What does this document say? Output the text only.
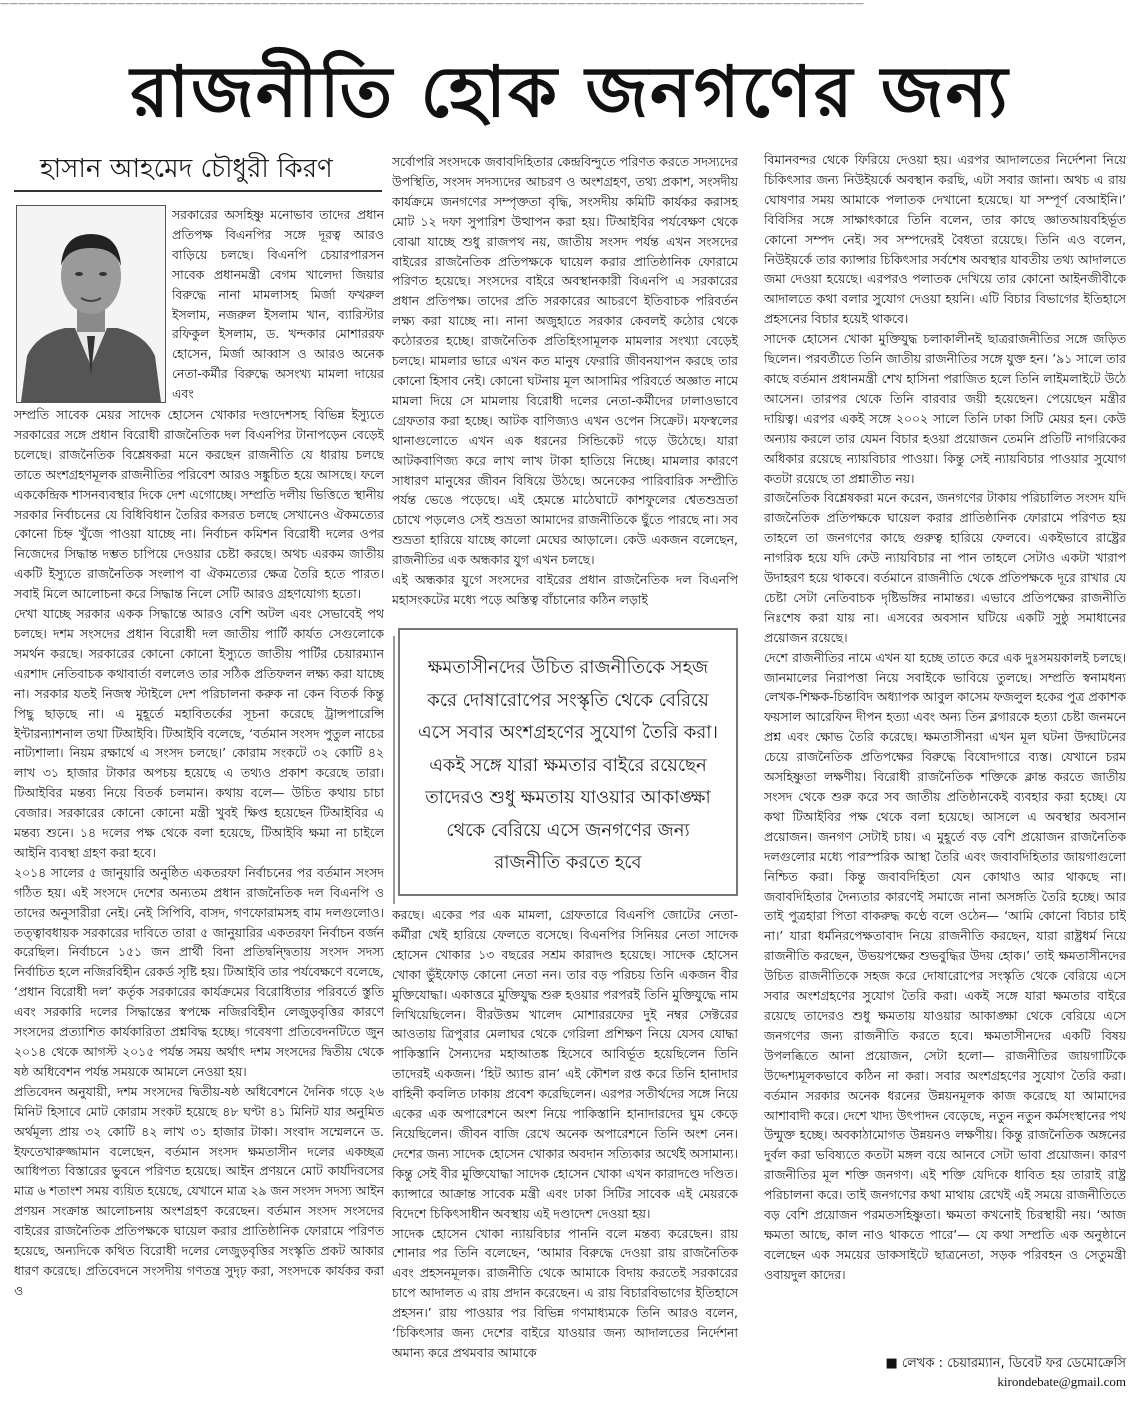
————————————————————————————————————————————————————————————————————————————————————————————————
রাজনীতি হোক জনগণের জন্য
হাসান আহমেদ চৌধুরী কিরণ

সরকারের অসহিষ্ণু মনোভাব তাদের প্রধান প্রতিপক্ষ বিএনপির সঙ্গে দূরত্ব আরও বাড়িয়ে চলছে। বিএনপি চেয়ারপারসন সাবেক প্রধানমন্ত্রী বেগম খালেদা জিয়ার বিরুদ্ধে নানা মামলাসহ মির্জা ফখরুল ইসলাম, নজরুল ইসলাম খান, ব্যারিস্টার রফিকুল ইসলাম, ড. খন্দকার মোশাররফ হোসেন, মির্জা আব্বাস ও আরও অনেক নেতা-কর্মীর বিরুদ্ধে অসংখ্য মামলা দায়ের এবং

সম্প্রতি সাবেক মেয়র সাদেক হোসেন খোকার দণ্ডাদেশসহ বিভিন্ন ইস্যুতে সরকারের সঙ্গে প্রধান বিরোধী রাজনৈতিক দল বিএনপির টানাপড়েন বেড়েই চলেছে। রাজনৈতিক বিশ্লেষকরা মনে করছেন রাজনীতি যে ধারায় চলছে তাতে অংশগ্রহণমূলক রাজনীতির পরিবেশ আরও সঙ্কুচিত হয়ে আসছে। ফলে এককেন্দ্রিক শাসনব্যবস্থার দিকে দেশ এগোচ্ছে। সম্প্রতি দলীয় ভিত্তিতে স্থানীয় সরকার নির্বাচনের যে বিধিবিধান তৈরির কসরত চলছে সেখানেও ঐকমত্যের কোনো চিহ্ন খুঁজে পাওয়া যাচ্ছে না। নির্বাচন কমিশন বিরোধী দলের ওপর নিজেদের সিদ্ধান্ত দম্ভত চাপিয়ে দেওয়ার চেষ্টা করছে। অথচ এরকম জাতীয় একটি ইস্যুতে রাজনৈতিক সংলাপ বা ঐকমত্যের ক্ষেত্র তৈরি হতে পারত। সবাই মিলে আলোচনা করে সিদ্ধান্ত নিলে সেটি আরও গ্রহণযোগ্য হতো।

দেখা যাচ্ছে সরকার একক সিদ্ধান্তে আরও বেশি অটল এবং সেভাবেই পথ চলছে। দশম সংসদের প্রধান বিরোধী দল জাতীয় পার্টি কার্যত সেগুলোকে সমর্থন করছে। সরকারের কোনো কোনো ইস্যুতে জাতীয় পার্টির চেয়ারম্যান এরশাদ নেতিবাচক কথাবার্তা বললেও তার সঠিক প্রতিফলন লক্ষ্য করা যাচ্ছে না। সরকার যতই নিজস্ব স্টাইলে দেশ পরিচালনা করুক না কেন বিতর্ক কিন্তু পিছু ছাড়ছে না। এ মুহূর্তে মহাবিতর্কের সূচনা করেছে ট্রান্সপারেন্সি ইন্টারন্যাশনাল তথা টিআইবি। টিআইবি বলেছে, ‘বর্তমান সংসদ পুতুল নাচের নাট্যশালা। নিয়ম রক্ষার্থে এ সংসদ চলছে।’ কোরাম সংকটে ৩২ কোটি ৪২ লাখ ৩১ হাজার টাকার অপচয় হয়েছে এ তথ্যও প্রকাশ করেছে তারা। টিআইবির মন্তব্য নিয়ে বিতর্ক চলমান। কথায় বলে— উচিত কথায় চাচা বেজার। সরকারের কোনো কোনো মন্ত্রী খুবই ক্ষিপ্ত হয়েছেন টিআইবির এ মন্তব্য শুনে। ১৪ দলের পক্ষ থেকে বলা হয়েছে, টিআইবি ক্ষমা না চাইলে আইনি ব্যবস্থা গ্রহণ করা হবে।

২০১৪ সালের ৫ জানুয়ারি অনুষ্ঠিত একতরফা নির্বাচনের পর বর্তমান সংসদ গঠিত হয়। এই সংসদে দেশের অন্যতম প্রধান রাজনৈতিক দল বিএনপি ও তাদের অনুসারীরা নেই। নেই সিপিবি, বাসদ, গণফোরামসহ বাম দলগুলোও। তত্ত্বাবধায়ক সরকারের দাবিতে তারা ৫ জানুয়ারির একতরফা নির্বাচন বর্জন করেছিল। নির্বাচনে ১৫১ জন প্রার্থী বিনা প্রতিদ্বন্দ্বিতায় সংসদ সদস্য নির্বাচিত হলে নজিরবিহীন রেকর্ড সৃষ্টি হয়। টিআইবি তার পর্যবেক্ষণে বলেছে, ‘প্রধান বিরোধী দল’ কর্তৃক সরকারের কার্যক্রমের বিরোধিতার পরিবর্তে স্তুতি এবং সরকারি দলের সিদ্ধান্তের স্বপক্ষে নজিরবিহীন লেজুড়বৃত্তির কারণে সংসদের প্রত্যাশিত কার্যকারিতা প্রশ্নবিদ্ধ হচ্ছে। গবেষণা প্রতিবেদনটিতে জুন ২০১৪ থেকে আগস্ট ২০১৫ পর্যন্ত সময় অর্থাৎ দশম সংসদের দ্বিতীয় থেকে ষষ্ঠ অধিবেশন পর্যন্ত সময়কে আমলে নেওয়া হয়।

প্রতিবেদন অনুযায়ী, দশম সংসদের দ্বিতীয়-ষষ্ঠ অধিবেশনে দৈনিক গড়ে ২৬ মিনিট হিসাবে মোট কোরাম সংকট হয়েছে ৪৮ ঘণ্টা ৪১ মিনিট যার অনুমিত অর্থমূল্য প্রায় ৩২ কোটি ৪২ লাখ ৩১ হাজার টাকা। সংবাদ সম্মেলনে ড. ইফতেখারুজ্জামান বলেছেন, বর্তমান সংসদ ক্ষমতাসীন দলের একচ্ছত্র আধিপত্য বিস্তারের ভুবনে পরিণত হয়েছে। আইন প্রণয়নে মোট কার্যদিবসের মাত্র ৬ শতাংশ সময় ব্যয়িত হয়েছে, যেখানে মাত্র ২৯ জন সংসদ সদস্য আইন প্রণয়ন সংক্রান্ত আলোচনায় অংশগ্রহণ করেছেন। বর্তমান সংসদ সংসদের বাইরের রাজনৈতিক প্রতিপক্ষকে ঘায়েল করার প্রাতিষ্ঠানিক ফোরামে পরিণত হয়েছে, অন্যদিকে কথিত বিরোধী দলের লেজুড়বৃত্তির সংস্কৃতি প্রকট আকার ধারণ করেছে। প্রতিবেদনে সংসদীয় গণতন্ত্র সুদৃঢ় করা, সংসদকে কার্যকর করা ও

সর্বোপরি সংসদকে জবাবদিহিতার কেন্দ্রবিন্দুতে পরিণত করতে সদস্যদের উপস্থিতি, সংসদ সদস্যদের আচরণ ও অংশগ্রহণ, তথ্য প্রকাশ, সংসদীয় কার্যক্রমে জনগণের সম্পৃক্ততা বৃদ্ধি, সংসদীয় কমিটি কার্যকর করাসহ মোট ১২ দফা সুপারিশ উত্থাপন করা হয়। টিআইবির পর্যবেক্ষণ থেকে বোঝা যাচ্ছে শুধু রাজপথ নয়, জাতীয় সংসদ পর্যন্ত এখন সংসদের বাইরের রাজনৈতিক প্রতিপক্ষকে ঘায়েল করার প্রাতিষ্ঠানিক ফোরামে পরিণত হয়েছে। সংসদের বাইরে অবস্থানকারী বিএনপি এ সরকারের প্রধান প্রতিপক্ষ। তাদের প্রতি সরকারের আচরণে ইতিবাচক পরিবর্তন লক্ষ্য করা যাচ্ছে না। নানা অজুহাতে সরকার কেবলই কঠোর থেকে কঠোরতর হচ্ছে। রাজনৈতিক প্রতিহিংসামূলক মামলার সংখ্যা বেড়েই চলছে। মামলার ভারে এখন কত মানুষ ফেরারি জীবনযাপন করছে তার কোনো হিসাব নেই। কোনো ঘটনায় মূল আসামির পরিবর্তে অজ্ঞাত নামে মামলা দিয়ে সে মামলায় বিরোধী দলের নেতা-কর্মীদের ঢালাওভাবে গ্রেফতার করা হচ্ছে। আটক বাণিজ্যও এখন ওপেন সিক্রেট। মফস্বলের থানাগুলোতে এখন এক ধরনের সিন্ডিকেট গড়ে উঠেছে। যারা আটকবাণিজ্য করে লাখ লাখ টাকা হাতিয়ে নিচ্ছে। মামলার কারণে সাধারণ মানুষের জীবন বিষিয়ে উঠছে। অনেকের পারিবারিক সম্প্রীতি পর্যন্ত ভেঙে পড়েছে। এই হেমন্তে মাঠেঘাটে কাশফুলের শ্বেতশুভ্রতা চোখে পড়লেও সেই শুভ্রতা আমাদের রাজনীতিকে ছুঁতে পারছে না। সব শুভ্রতা হারিয়ে যাচ্ছে কালো মেঘের আড়ালে। কেউ একজন বলেছেন, রাজনীতির এক অন্ধকার যুগ এখন চলছে।

এই অন্ধকার যুগে সংসদের বাইরের প্রধান রাজনৈতিক দল বিএনপি মহাসংকটের মধ্যে পড়ে অস্তিত্ব বাঁচানোর কঠিন লড়াই

ক্ষমতাসীনদের উচিত রাজনীতিকে সহজ করে দোষারোপের সংস্কৃতি থেকে বেরিয়ে এসে সবার অংশগ্রহণের সুযোগ তৈরি করা। একই সঙ্গে যারা ক্ষমতার বাইরে রয়েছেন তাদেরও শুধু ক্ষমতায় যাওয়ার আকাঙ্ক্ষা থেকে বেরিয়ে এসে জনগণের জন্য রাজনীতি করতে হবে

করছে। একের পর এক মামলা, গ্রেফতারে বিএনপি জোটের নেতা-কর্মীরা খেই হারিয়ে ফেলতে বসেছে। বিএনপির সিনিয়র নেতা সাদেক হোসেন খোকার ১৩ বছরের সশ্রম কারাদণ্ড হয়েছে। সাদেক হোসেন খোকা ভুঁইফোড় কোনো নেতা নন। তার বড় পরিচয় তিনি একজন বীর মুক্তিযোদ্ধা। একাত্তরে মুক্তিযুদ্ধ শুরু হওয়ার পরপরই তিনি মুক্তিযুদ্ধে নাম লিখিয়েছিলেন। বীরউত্তম খালেদ মোশাররফের দুই নম্বর সেক্টরের আওতায় ত্রিপুরার মেলাঘর থেকে গেরিলা প্রশিক্ষণ নিয়ে যেসব যোদ্ধা পাকিস্তানি সৈন্যদের মহাআতঙ্ক হিসেবে আবির্ভূত হয়েছিলেন তিনি তাদেরই একজন। ‘হিট অ্যান্ড রান’ এই কৌশল রপ্ত করে তিনি হানাদার বাহিনী কবলিত ঢাকায় প্রবেশ করেছিলেন। এরপর সতীর্থদের সঙ্গে নিয়ে একের এক অপারেশনে অংশ নিয়ে পাকিস্তানি হানাদারদের ঘুম কেড়ে নিয়েছিলেন। জীবন বাজি রেখে অনেক অপারেশনে তিনি অংশ নেন। দেশের জন্য সাদেক হোসেন খোকার অবদান সত্যিকার অর্থেই অসামান্য। কিন্তু সেই বীর মুক্তিযোদ্ধা সাদেক হোসেন খোকা এখন কারাদণ্ডে দণ্ডিত। ক্যান্সারে আক্রান্ত সাবেক মন্ত্রী এবং ঢাকা সিটির সাবেক এই মেয়রকে বিদেশে চিকিৎসাধীন অবস্থায় এই দণ্ডাদেশ দেওয়া হয়।

সাদেক হোসেন খোকা ন্যায়বিচার পাননি বলে মন্তব্য করেছেন। রায় শোনার পর তিনি বলেছেন, ‘আমার বিরুদ্ধে দেওয়া রায় রাজনৈতিক এবং প্রহসনমূলক। রাজনীতি থেকে আমাকে বিদায় করতেই সরকারের চাপে আদালত এ রায় প্রদান করেছেন। এ রায় বিচারবিভাগের ইতিহাসে প্রহসন।’ রায় পাওয়ার পর বিভিন্ন গণমাধ্যমকে তিনি আরও বলেন, ‘চিকিৎসার জন্য দেশের বাইরে যাওয়ার জন্য আদালতের নির্দেশনা অমান্য করে প্রথমবার আমাকে

বিমানবন্দর থেকে ফিরিয়ে দেওয়া হয়। এরপর আদালতের নির্দেশনা নিয়ে চিকিৎসার জন্য নিউইয়র্কে অবস্থান করছি, এটা সবার জানা। অথচ এ রায় ঘোষণার সময় আমাকে পলাতক দেখানো হয়েছে। যা সম্পূর্ণ বেআইনি।’ বিবিসির সঙ্গে সাক্ষাৎকারে তিনি বলেন, তার কাছে জ্ঞাতআয়বহির্ভূত কোনো সম্পদ নেই। সব সম্পদেরই বৈধতা রয়েছে। তিনি এও বলেন, নিউইয়র্কে তার ক্যান্সার চিকিৎসার সর্বশেষ অবস্থার যাবতীয় তথ্য আদালতে জমা দেওয়া হয়েছে। এরপরও পলাতক দেখিয়ে তার কোনো আইনজীবীকে আদালতে কথা বলার সুযোগ দেওয়া হয়নি। এটি বিচার বিভাগের ইতিহাসে প্রহসনের বিচার হয়েই থাকবে।

সাদেক হোসেন খোকা মুক্তিযুদ্ধ চলাকালীনই ছাত্ররাজনীতির সঙ্গে জড়িত ছিলেন। পরবর্তীতে তিনি জাতীয় রাজনীতির সঙ্গে যুক্ত হন। ’৯১ সালে তার কাছে বর্তমান প্রধানমন্ত্রী শেখ হাসিনা পরাজিত হলে তিনি লাইমলাইটে উঠে আসেন। তারপর থেকে তিনি বারবার জয়ী হয়েছেন। পেয়েছেন মন্ত্রীর দায়িত্ব। এরপর একই সঙ্গে ২০০২ সালে তিনি ঢাকা সিটি মেয়র হন। কেউ অন্যায় করলে তার যেমন বিচার হওয়া প্রয়োজন তেমনি প্রতিটি নাগরিকের অধিকার রয়েছে ন্যায়বিচার পাওয়া। কিন্তু সেই ন্যায়বিচার পাওয়ার সুযোগ কতটা রয়েছে তা প্রশ্নাতীত নয়।

রাজনৈতিক বিশ্লেষকরা মনে করেন, জনগণের টাকায় পরিচালিত সংসদ যদি রাজনৈতিক প্রতিপক্ষকে ঘায়েল করার প্রাতিষ্ঠানিক ফোরামে পরিণত হয় তাহলে তা জনগণের কাছে গুরুত্ব হারিয়ে ফেলবে। একইভাবে রাষ্ট্রের নাগরিক হয়ে যদি কেউ ন্যায়বিচার না পান তাহলে সেটাও একটা খারাপ উদাহরণ হয়ে থাকবে। বর্তমানে রাজনীতি থেকে প্রতিপক্ষকে দূরে রাখার যে চেষ্টা সেটা নেতিবাচক দৃষ্টিভঙ্গির নামান্তর। এভাবে প্রতিপক্ষের রাজনীতি নিঃশেষ করা যায় না। এসবের অবসান ঘটিয়ে একটি সুষ্ঠু সমাধানের প্রয়োজন রয়েছে।

দেশে রাজনীতির নামে এখন যা হচ্ছে তাতে করে এক দুঃসময়কালই চলছে। জানমালের নিরাপত্তা নিয়ে সবাইকে ভাবিয়ে তুলছে। সম্প্রতি স্বনামধন্য লেখক-শিক্ষক-চিন্তাবিদ অধ্যাপক আবুল কাসেম ফজলুল হকের পুত্র প্রকাশক ফয়সাল আরেফিন দীপন হত্যা এবং অন্য তিন ব্লগারকে হত্যা চেষ্টা জনমনে প্রশ্ন এবং ক্ষোভ তৈরি করেছে। ক্ষমতাসীনরা এখন মূল ঘটনা উদ্ঘাটনের চেয়ে রাজনৈতিক প্রতিপক্ষের বিরুদ্ধে বিষোদগারে ব্যস্ত। যেখানে চরম অসহিষ্ণুতা লক্ষণীয়। বিরোধী রাজনৈতিক শক্তিকে ক্লান্ত করতে জাতীয় সংসদ থেকে শুরু করে সব জাতীয় প্রতিষ্ঠানকেই ব্যবহার করা হচ্ছে। যে কথা টিআইবির পক্ষ থেকে বলা হয়েছে। আসলে এ অবস্থার অবসান প্রয়োজন। জনগণ সেটাই চায়। এ মুহূর্তে বড় বেশি প্রয়োজন রাজনৈতিক দলগুলোর মধ্যে পারস্পরিক আস্থা তৈরি এবং জবাবদিহিতার জায়গাগুলো নিশ্চিত করা। কিন্তু জবাবদিহিতা যেন কোথাও আর থাকছে না। জবাবদিহিতার দৈন্যতার কারণেই সমাজে নানা অসঙ্গতি তৈরি হচ্ছে। আর তাই পুত্রহারা পিতা বাকরুদ্ধ কণ্ঠে বলে ওঠেন— ‘আমি কোনো বিচার চাই না।’ যারা ধর্মনিরপেক্ষতাবাদ নিয়ে রাজনীতি করছেন, যারা রাষ্ট্রধর্ম নিয়ে রাজনীতি করছেন, উভয়পক্ষের শুভবুদ্ধির উদয় হোক।’ তাই ক্ষমতাসীনদের উচিত রাজনীতিকে সহজ করে দোষারোপের সংস্কৃতি থেকে বেরিয়ে এসে সবার অংশগ্রহণের সুযোগ তৈরি করা। একই সঙ্গে যারা ক্ষমতার বাইরে রয়েছে তাদেরও শুধু ক্ষমতায় যাওয়ার আকাঙ্ক্ষা থেকে বেরিয়ে এসে জনগণের জন্য রাজনীতি করতে হবে। ক্ষমতাসীনদের একটি বিষয় উপলব্ধিতে আনা প্রয়োজন, সেটা হলো— রাজনীতির জায়গাটিকে উদ্দেশ্যমূলকভাবে কঠিন না করা। সবার অংশগ্রহণের সুযোগ তৈরি করা। বর্তমান সরকার অনেক ধরনের উন্নয়নমূলক কাজ করেছে যা আমাদের আশাবাদী করে। দেশে খাদ্য উৎপাদন বেড়েছে, নতুন নতুন কর্মসংস্থানের পথ উন্মুক্ত হচ্ছে। অবকাঠামোগত উন্নয়নও লক্ষণীয়। কিন্তু রাজনৈতিক অঙ্গনের দুর্বল করা ভবিষ্যতে কতটা মঙ্গল বয়ে আনবে সেটা ভাবা প্রয়োজন। কারণ রাজনীতির মূল শক্তি জনগণ। এই শক্তি যেদিকে ধাবিত হয় তারাই রাষ্ট্র পরিচালনা করে। তাই জনগণের কথা মাথায় রেখেই এই সময়ে রাজনীতিতে বড় বেশি প্রয়োজন পরমতসহিষ্ণুতা। ক্ষমতা কখনোই চিরস্থায়ী নয়। ‘আজ ক্ষমতা আছে, কাল নাও থাকতে পারে’— যে কথা সম্প্রতি এক অনুষ্ঠানে বলেছেন এক সময়ের ডাকসাইটে ছাত্রনেতা, সড়ক পরিবহন ও সেতুমন্ত্রী ওবায়দুল কাদের।

■ লেখক : চেয়ারম্যান, ডিবেট ফর ডেমোক্রেসি
kirondebate@gmail.com
